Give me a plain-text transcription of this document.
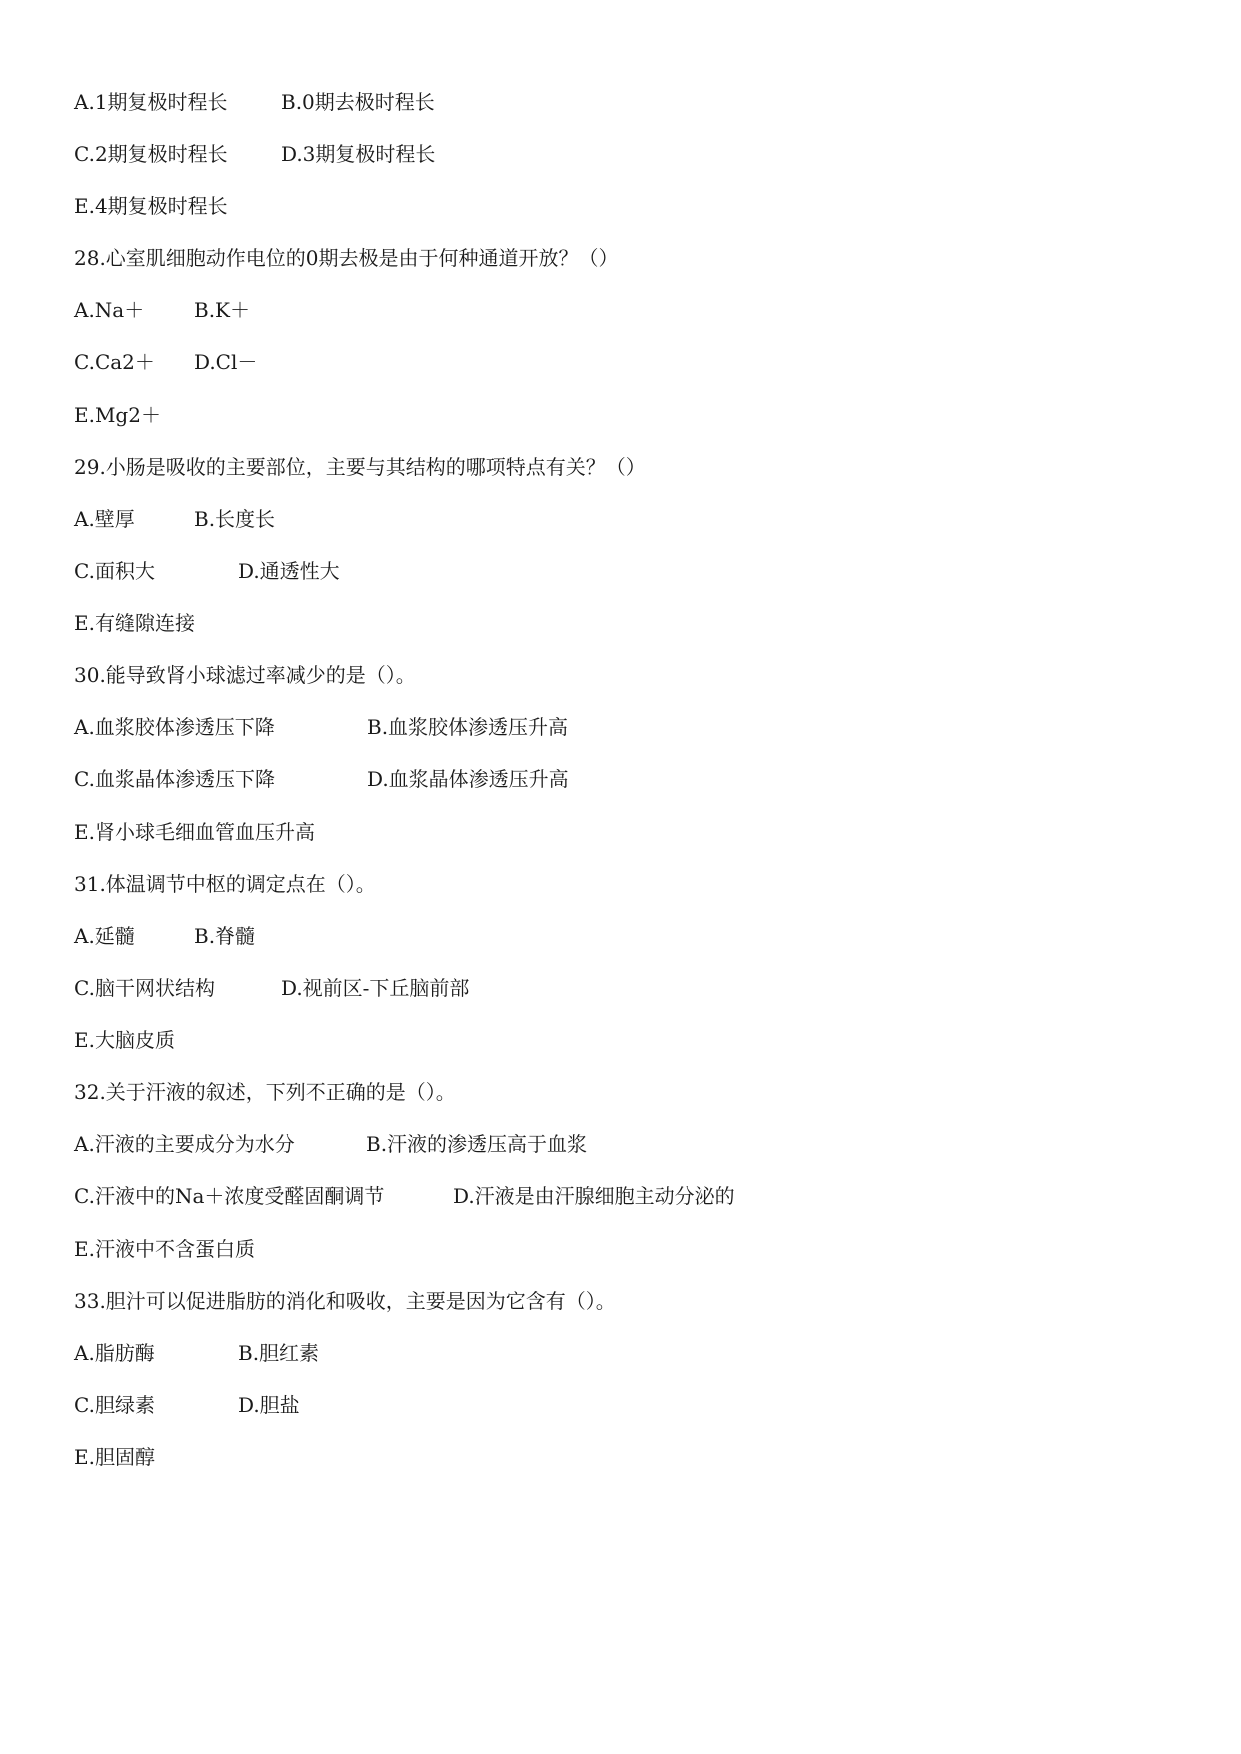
A.1期复极时程长	B.0期去极时程长
C.2期复极时程长	D.3期复极时程长
E.4期复极时程长
28.心室肌细胞动作电位的0期去极是由于何种通道开放？（）
A.Na＋ B.K＋
C.Ca2＋ D.Cl－
E.Mg2＋
29.小肠是吸收的主要部位，主要与其结构的哪项特点有关？（）
A.壁厚	B.长度长
C.面积大	D.通透性大
E.有缝隙连接
30.能导致肾小球滤过率减少的是（）。
A.血浆胶体渗透压下降	B.血浆胶体渗透压升高
C.血浆晶体渗透压下降	D.血浆晶体渗透压升高
E.肾小球毛细血管血压升高
31.体温调节中枢的调定点在（）。
A.延髓	B.脊髓
C.脑干网状结构	D.视前区-下丘脑前部
E.大脑皮质
32.关于汗液的叙述，下列不正确的是（）。
A.汗液的主要成分为水分	B.汗液的渗透压高于血浆
C.汗液中的Na＋浓度受醛固酮调节	D.汗液是由汗腺细胞主动分泌的
E.汗液中不含蛋白质
33.胆汁可以促进脂肪的消化和吸收，主要是因为它含有（）。
A.脂肪酶	B.胆红素
C.胆绿素	D.胆盐
E.胆固醇
